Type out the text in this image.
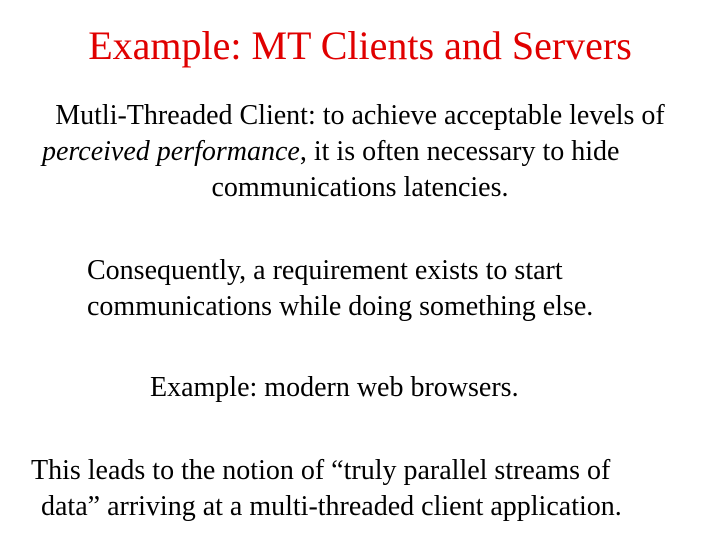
Example: MT Clients and Servers

Mutli-Threaded Client: to achieve acceptable levels of
perceived performance, it is often necessary to hide
communications latencies.

Consequently, a requirement exists to start
communications while doing something else.

Example: modern web browsers.

This leads to the notion of “truly parallel streams of
data” arriving at a multi-threaded client application.
